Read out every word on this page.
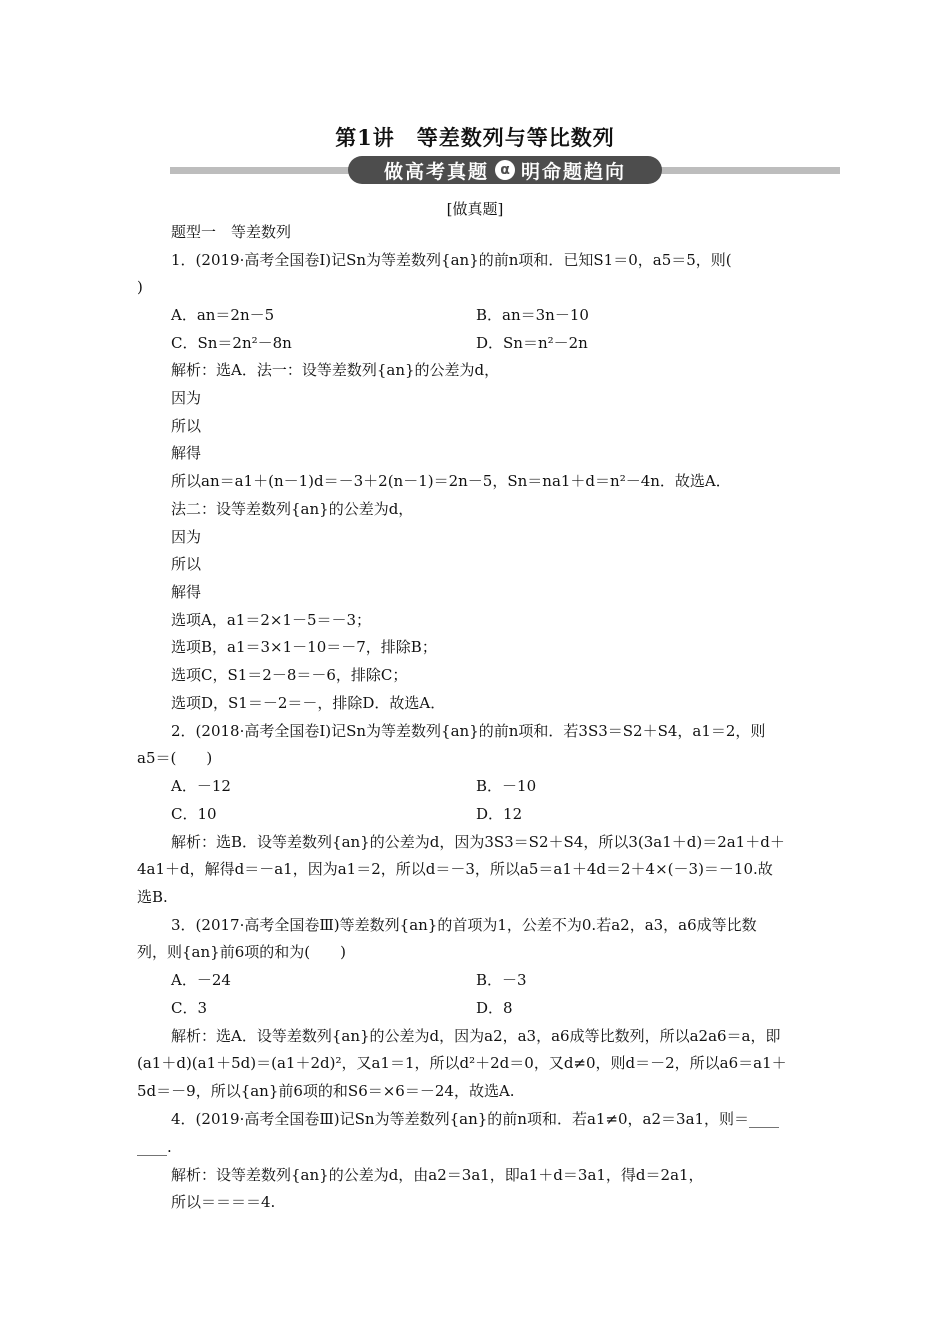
第1讲　等差数列与等比数列
做高考真题 α 明命题趋向
[做真题]
题型一　等差数列
1．(2019·高考全国卷Ⅰ)记Sn为等差数列{an}的前n项和．已知S1＝0，a5＝5，则(
)
A．an＝2n－5	B．an＝3n－10
C．Sn＝2n²－8n	D．Sn＝n²－2n
解析：选A．法一：设等差数列{an}的公差为d，
因为
所以
解得
所以an＝a1＋(n－1)d＝－3＋2(n－1)＝2n－5，Sn＝na1＋d＝n²－4n．故选A．
法二：设等差数列{an}的公差为d，
因为
所以
解得
选项A，a1＝2×1－5＝－3；
选项B，a1＝3×1－10＝－7，排除B；
选项C，S1＝2－8＝－6，排除C；
选项D，S1＝－2＝－，排除D．故选A．
2．(2018·高考全国卷Ⅰ)记Sn为等差数列{an}的前n项和．若3S3＝S2＋S4，a1＝2，则
a5＝(　　)
A．－12	B．－10
C．10	D．12
解析：选B．设等差数列{an}的公差为d，因为3S3＝S2＋S4，所以3(3a1＋d)＝2a1＋d＋
4a1＋d，解得d＝－a1，因为a1＝2，所以d＝－3，所以a5＝a1＋4d＝2＋4×(－3)＝－10.故
选B.
3．(2017·高考全国卷Ⅲ)等差数列{an}的首项为1，公差不为0.若a2，a3，a6成等比数
列，则{an}前6项的和为(　　)
A．－24	B．－3
C．3	D．8
解析：选A．设等差数列{an}的公差为d，因为a2，a3，a6成等比数列，所以a2a6＝a，即
(a1＋d)(a1＋5d)＝(a1＋2d)²，又a1＝1，所以d²＋2d＝0，又d≠0，则d＝－2，所以a6＝a1＋
5d＝－9，所以{an}前6项的和S6＝×6＝－24，故选A.
4．(2019·高考全国卷Ⅲ)记Sn为等差数列{an}的前n项和．若a1≠0，a2＝3a1，则＝____
____.
解析：设等差数列{an}的公差为d，由a2＝3a1，即a1＋d＝3a1，得d＝2a1，
所以＝＝＝＝4.
